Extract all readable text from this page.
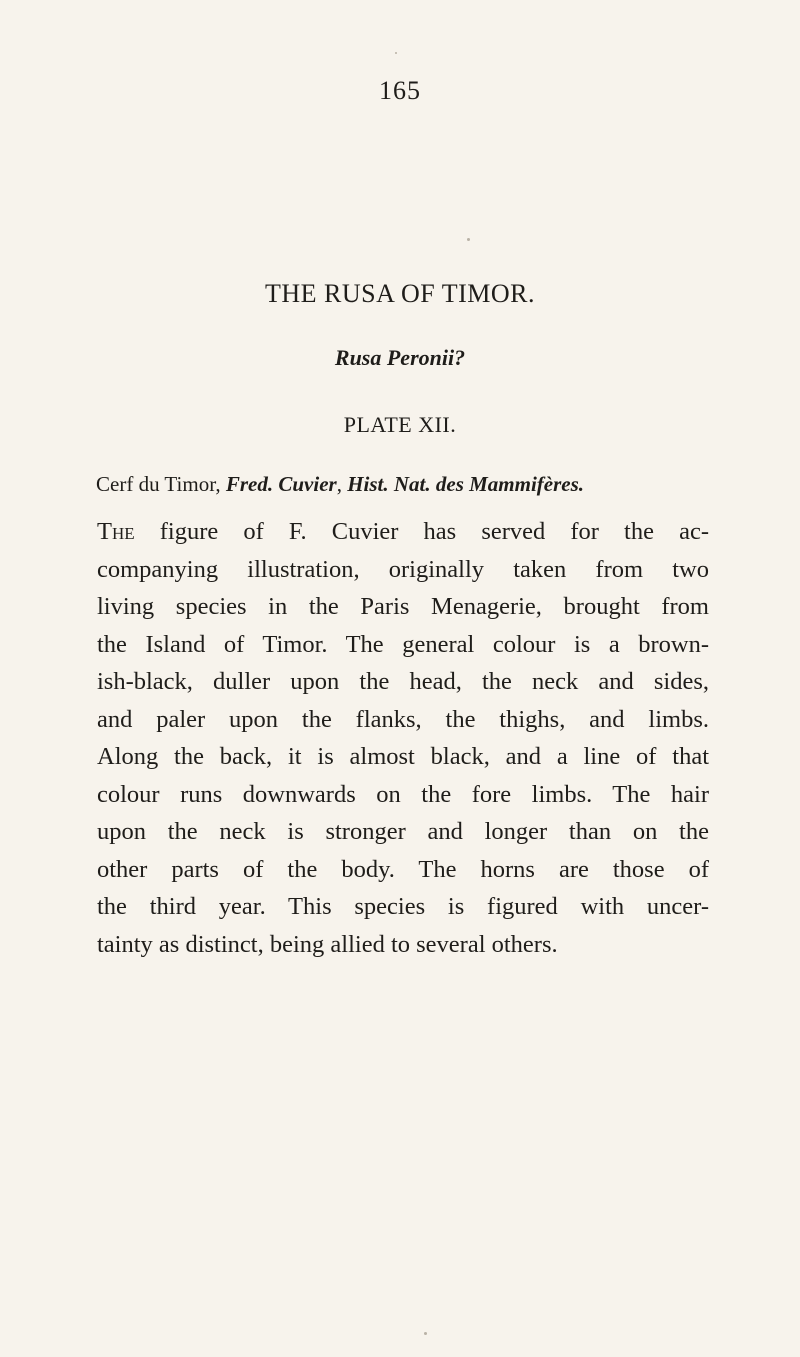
165
THE RUSA OF TIMOR.
Rusa Peronii?
PLATE XII.
Cerf du Timor, Fred. Cuvier, Hist. Nat. des Mammifères.
The figure of F. Cuvier has served for the ac-
companying illustration, originally taken from two
living species in the Paris Menagerie, brought from
the Island of Timor. The general colour is a brown-
ish-black, duller upon the head, the neck and sides,
and paler upon the flanks, the thighs, and limbs.
Along the back, it is almost black, and a line of that
colour runs downwards on the fore limbs. The hair
upon the neck is stronger and longer than on the
other parts of the body. The horns are those of
the third year. This species is figured with uncer-
tainty as distinct, being allied to several others.
